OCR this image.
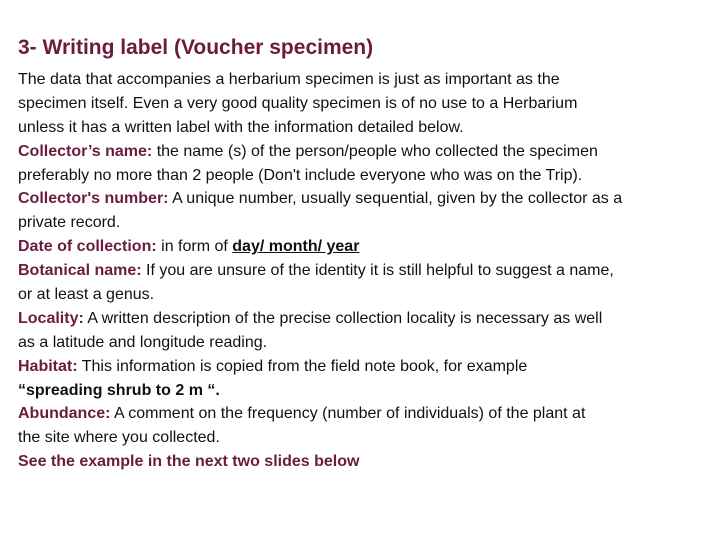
3- Writing label (Voucher specimen)
The data that accompanies a herbarium specimen is just as important as the
specimen itself. Even a very good quality specimen is of no use to a Herbarium
unless it has a written label with the information detailed below.
Collector’s name: the name (s) of the person/people who collected the specimen
preferably no more than 2 people (Don't include everyone who was on the Trip).
Collector's number: A unique number, usually sequential, given by the collector as a
private record.
Date of collection: in form of day/ month/ year
Botanical name: If you are unsure of the identity it is still helpful to suggest a name,
or at least a genus.
Locality: A written description of the precise collection locality is necessary as well
as a latitude and longitude reading.
Habitat: This information is copied from the field note book, for example
“spreading shrub to 2 m “.
Abundance: A comment on the frequency (number of individuals) of the plant at
the site where you collected.
See the example in the next two slides below
